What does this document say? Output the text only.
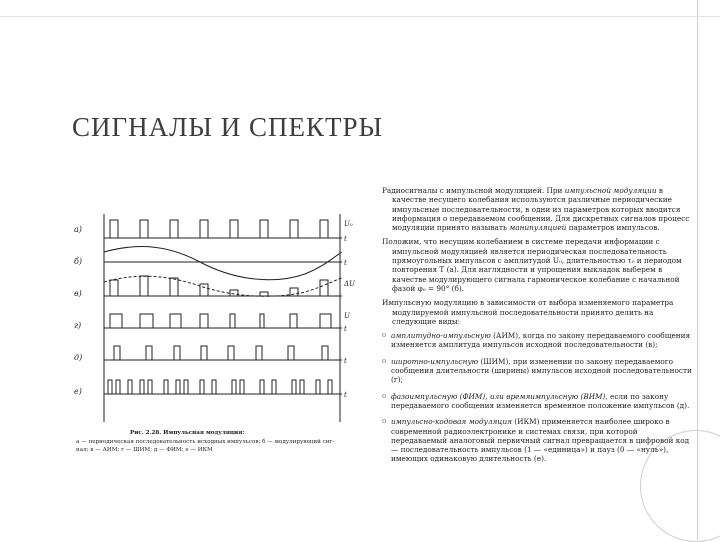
СИГНАЛЫ И СПЕКТРЫ
а)
б)
в)
г)
д)
е)
U₀
t
t
ΔU
U
t
t
t
Рис. 2.28. Импульсная модуляция:
а — периодическая последовательность исходных импульсов; б — модулирующий сиг-
нал; в — АИМ; г — ШИМ; д — ФИМ; е — ИКМ

Радиосигналы с импульсной модуляцией. При импульсной модуляции в качестве несущего колебания используются различные периодические импульсные последовательности, в одни из параметров которых вводится информация о передаваемом сообщении. Для дискретных сигналов процесс модуляции принято называть манипуляцией параметров импульсов.

Положим, что несущим колебанием в системе передачи информации с импульсной модуляцией является периодическая последовательность прямоугольных импульсов с амплитудой U₀, длительностью τ₀ и периодом повторения T (а). Для наглядности и упрощения выкладок выберем в качестве модулирующего сигнала гармоническое колебание с начальной фазой φ₀ = 90° (б).

Импульсную модуляцию в зависимости от выбора изменяемого параметра модулируемой импульсной последовательности принято делить на следующие виды:

o амплитудно-импульсную (АИМ), когда по закону передаваемого сообщения изменяется амплитуда импульсов исходной последовательности (в);
o широтно-импульсную (ШИМ), при изменении по закону передаваемого сообщения длительности (ширины) импульсов исходной последовательности (г);
o фазоимпульсную (ФИМ), или времяимпульсную (ВИМ), если по закону передаваемого сообщения изменяется временное положение импульсов (д).
o импульсно-кодовая модуляция (ИКМ) применяется наиболее широко в современной радиоэлектронике и системах связи, при которой передаваемый аналоговый первичный сигнал превращается в цифровой код — последовательность импульсов (1 — «единица») и пауз (0 — «нуль»), имеющих одинаковую длительность (е).
